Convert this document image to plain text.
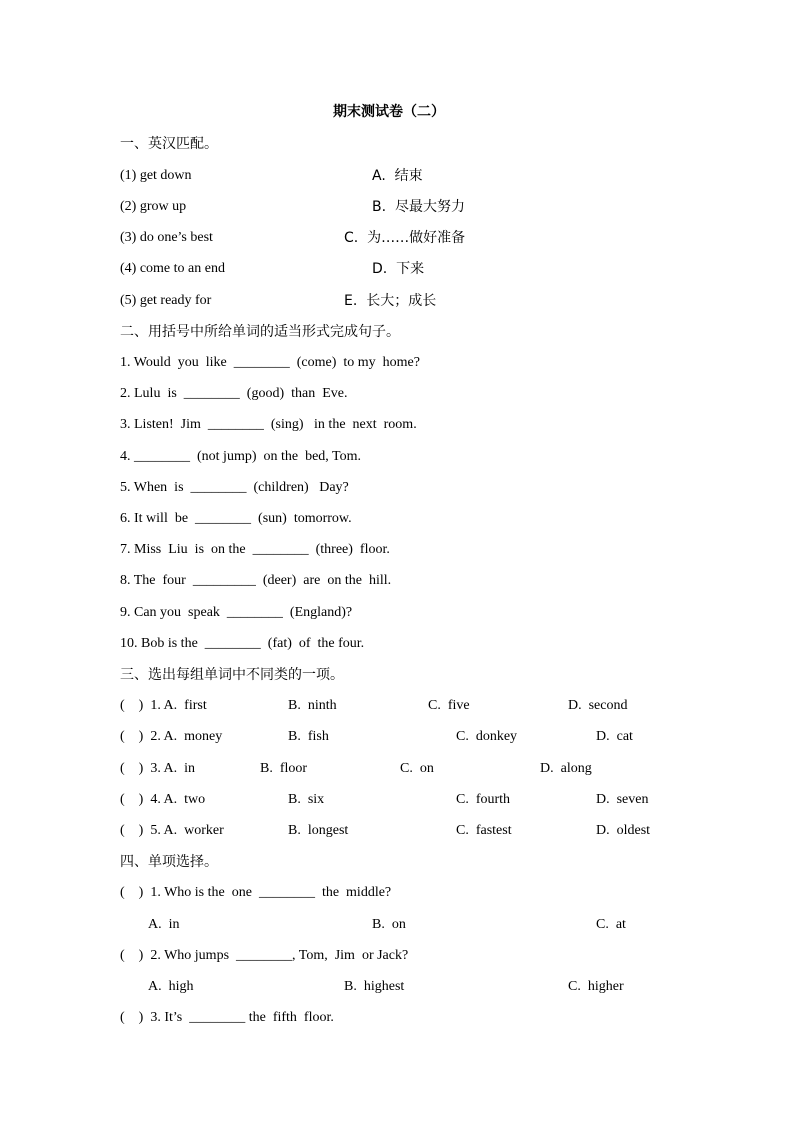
期末测试卷（二）
一、英汉匹配。
(1) get down	A.  结束
(2) grow up	B.  尽最大努力
(3) do one’s best	C.  为……做好准备
(4) come to an end	D.  下来
(5) get ready for	E.  长大；成长
二、用括号中所给单词的适当形式完成句子。
1. Would  you  like  ________  (come)  to my  home?
2. Lulu  is  ________  (good)  than  Eve.
3. Listen!  Jim  ________  (sing)   in the  next  room.
4. ________  (not jump)  on the  bed, Tom.
5. When  is  ________  (children)   Day?
6. It will  be  ________  (sun)  tomorrow.
7. Miss  Liu  is  on the  ________  (three)  floor.
8. The  four  _________  (deer)  are  on the  hill.
9. Can you  speak  ________  (England)?
10. Bob is the  ________  (fat)  of  the four.
三、选出每组单词中不同类的一项。
(    )  1. A.  first	B.  ninth	C.  five	D.  second
(    )  2. A.  money	B.  fish	C.  donkey	D.  cat
(    )  3. A.  in	B.  floor	C.  on	D.  along
(    )  4. A.  two	B.  six	C.  fourth	D.  seven
(    )  5. A.  worker	B.  longest	C.  fastest	D.  oldest
四、单项选择。
(    )  1. Who is the  one  ________  the  middle?
A.  in	B.  on	C.  at
(    )  2. Who jumps  ________, Tom,  Jim  or Jack?
A.  high	B.  highest	C.  higher
(    )  3. It’s  ________ the  fifth  floor.
